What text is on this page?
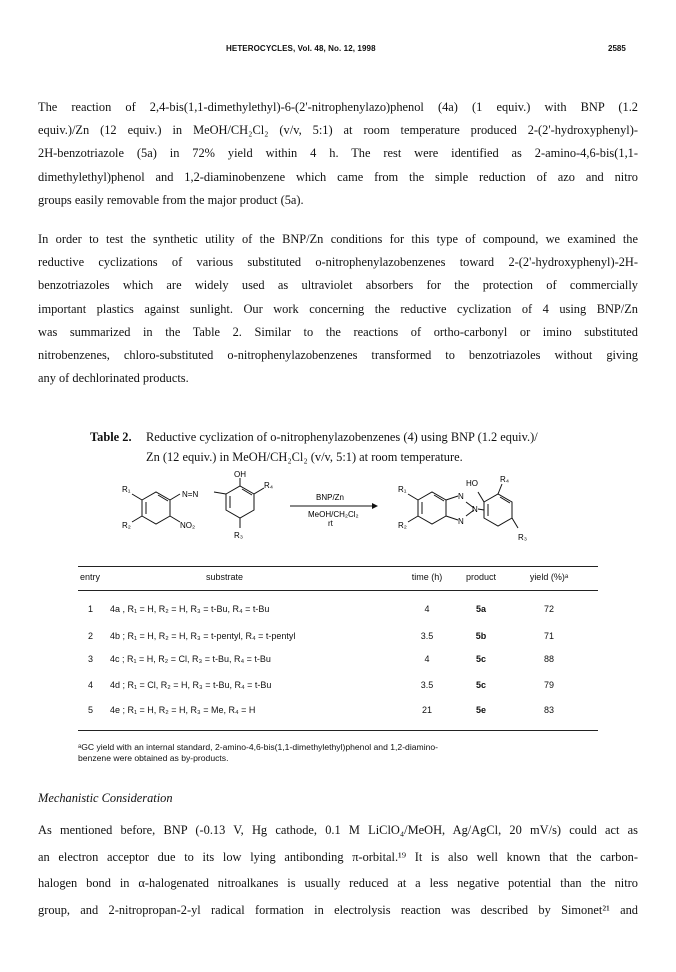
HETEROCYCLES, Vol. 48, No. 12, 1998	2585
The reaction of 2,4-bis(1,1-dimethylethyl)-6-(2'-nitrophenylazo)phenol (4a) (1 equiv.) with BNP (1.2
equiv.)/Zn (12 equiv.) in MeOH/CH₂Cl₂ (v/v, 5:1) at room temperature produced 2-(2'-hydroxyphenyl)-
2H-benzotriazole (5a) in 72% yield within 4 h. The rest were identified as 2-amino-4,6-bis(1,1-
dimethylethyl)phenol and 1,2-diaminobenzene which came from the simple reduction of azo and nitro
groups easily removable from the major product (5a).
In order to test the synthetic utility of the BNP/Zn conditions for this type of compound, we examined the
reductive cyclizations of various substituted o-nitrophenylazobenzenes toward 2-(2'-hydroxyphenyl)-2H-
benzotriazoles which are widely used as ultraviolet absorbers for the protection of commercially
important plastics against sunlight. Our work concerning the reductive cyclization of 4 using BNP/Zn
was summarized in the Table 2. Similar to the reactions of ortho-carbonyl or imino substituted
nitrobenzenes, chloro-substituted o-nitrophenylazobenzenes transformed to benzotriazoles without giving
any of dechlorinated products.
Table 2. Reductive cyclization of o-nitrophenylazobenzenes (4) using BNP (1.2 equiv.)/
Zn (12 equiv.) in MeOH/CH₂Cl₂ (v/v, 5:1) at room temperature.
OH
R₁
R₂
R₃
R₄
N=N
NO₂
BNP/Zn
MeOH/CH₂Cl₂
rt
HO	R₄
R₁
R₂
R₃
N
N
N
entry	substrate	time (h)	product	yield (%)ᵃ
1 4a , R₁ = H, R₂ = H, R₃ = t-Bu, R₄ = t-Bu	4	5a	72
2 4b ; R₁ = H, R₂ = H, R₃ = t-pentyl, R₄ = t-pentyl	3.5	5b	71
3 4c ; R₁ = H, R₂ = Cl, R₃ = t-Bu, R₄ = t-Bu	4	5c	88
4 4d ; R₁ = Cl, R₂ = H, R₃ = t-Bu, R₄ = t-Bu	3.5	5c	79
5 4e ; R₁ = H, R₂ = H, R₃ = Me, R₄ = H	21	5e	83
ᵃGC yield with an internal standard, 2-amino-4,6-bis(1,1-dimethylethyl)phenol and 1,2-diamino-
benzene were obtained as by-products.
Mechanistic Consideration
As mentioned before, BNP (-0.13 V, Hg cathode, 0.1 M LiClO₄/MeOH, Ag/AgCl, 20 mV/s) could act as
an electron acceptor due to its low lying antibonding π-orbital.¹⁹ It is also well known that the carbon-
halogen bond in α-halogenated nitroalkanes is usually reduced at a less negative potential than the nitro
group, and 2-nitropropan-2-yl radical formation in electrolysis reaction was described by Simonet²¹ and
